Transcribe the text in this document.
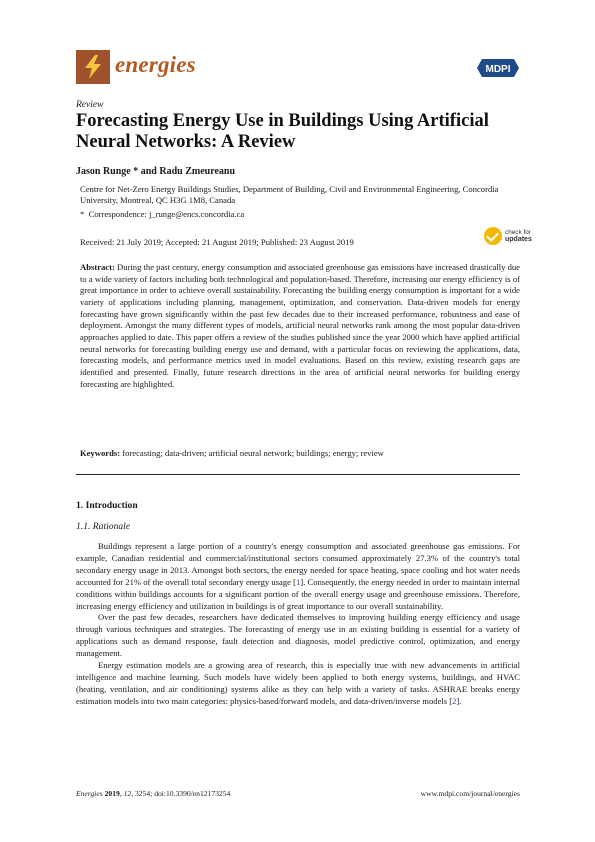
energies	MDPI
Review
Forecasting Energy Use in Buildings Using Artificial Neural Networks: A Review
Jason Runge * and Radu Zmeureanu
Centre for Net-Zero Energy Buildings Studies, Department of Building, Civil and Environmental Engineering, Concordia University, Montreal, QC H3G 1M8, Canada
* Correspondence: j_runge@encs.concordia.ca
Received: 21 July 2019; Accepted: 21 August 2019; Published: 23 August 2019
check for
updates
Abstract: During the past century, energy consumption and associated greenhouse gas emissions have increased drastically due to a wide variety of factors including both technological and population-based. Therefore, increasing our energy efficiency is of great importance in order to achieve overall sustainability. Forecasting the building energy consumption is important for a wide variety of applications including planning, management, optimization, and conservation. Data-driven models for energy forecasting have grown significantly within the past few decades due to their increased performance, robustness and ease of deployment. Amongst the many different types of models, artificial neural networks rank among the most popular data-driven approaches applied to date. This paper offers a review of the studies published since the year 2000 which have applied artificial neural networks for forecasting building energy use and demand, with a particular focus on reviewing the applications, data, forecasting models, and performance metrics used in model evaluations. Based on this review, existing research gaps are identified and presented. Finally, future research directions in the area of artificial neural networks for building energy forecasting are highlighted.
Keywords: forecasting; data-driven; artificial neural network; buildings; energy; review
1. Introduction
1.1. Rationale

Buildings represent a large portion of a country's energy consumption and associated greenhouse gas emissions. For example, Canadian residential and commercial/institutional sectors consumed approximately 27.3% of the country's total secondary energy usage in 2013. Amongst both sectors, the energy needed for space heating, space cooling and hot water needs accounted for 21% of the overall total secondary energy usage [1]. Consequently, the energy needed in order to maintain internal conditions within buildings accounts for a significant portion of the overall energy usage and greenhouse emissions. Therefore, increasing energy efficiency and utilization in buildings is of great importance to our overall sustainability.

Over the past few decades, researchers have dedicated themselves to improving building energy efficiency and usage through various techniques and strategies. The forecasting of energy use in an existing building is essential for a variety of applications such as demand response, fault detection and diagnosis, model predictive control, optimization, and energy management.

Energy estimation models are a growing area of research, this is especially true with new advancements in artificial intelligence and machine learning. Such models have widely been applied to both energy systems, buildings, and HVAC (heating, ventilation, and air conditioning) systems alike as they can help with a variety of tasks. ASHRAE breaks energy estimation models into two main categories: physics-based/forward models, and data-driven/inverse models [2].

Energies 2019, 12, 3254; doi:10.3390/en12173254	www.mdpi.com/journal/energies
